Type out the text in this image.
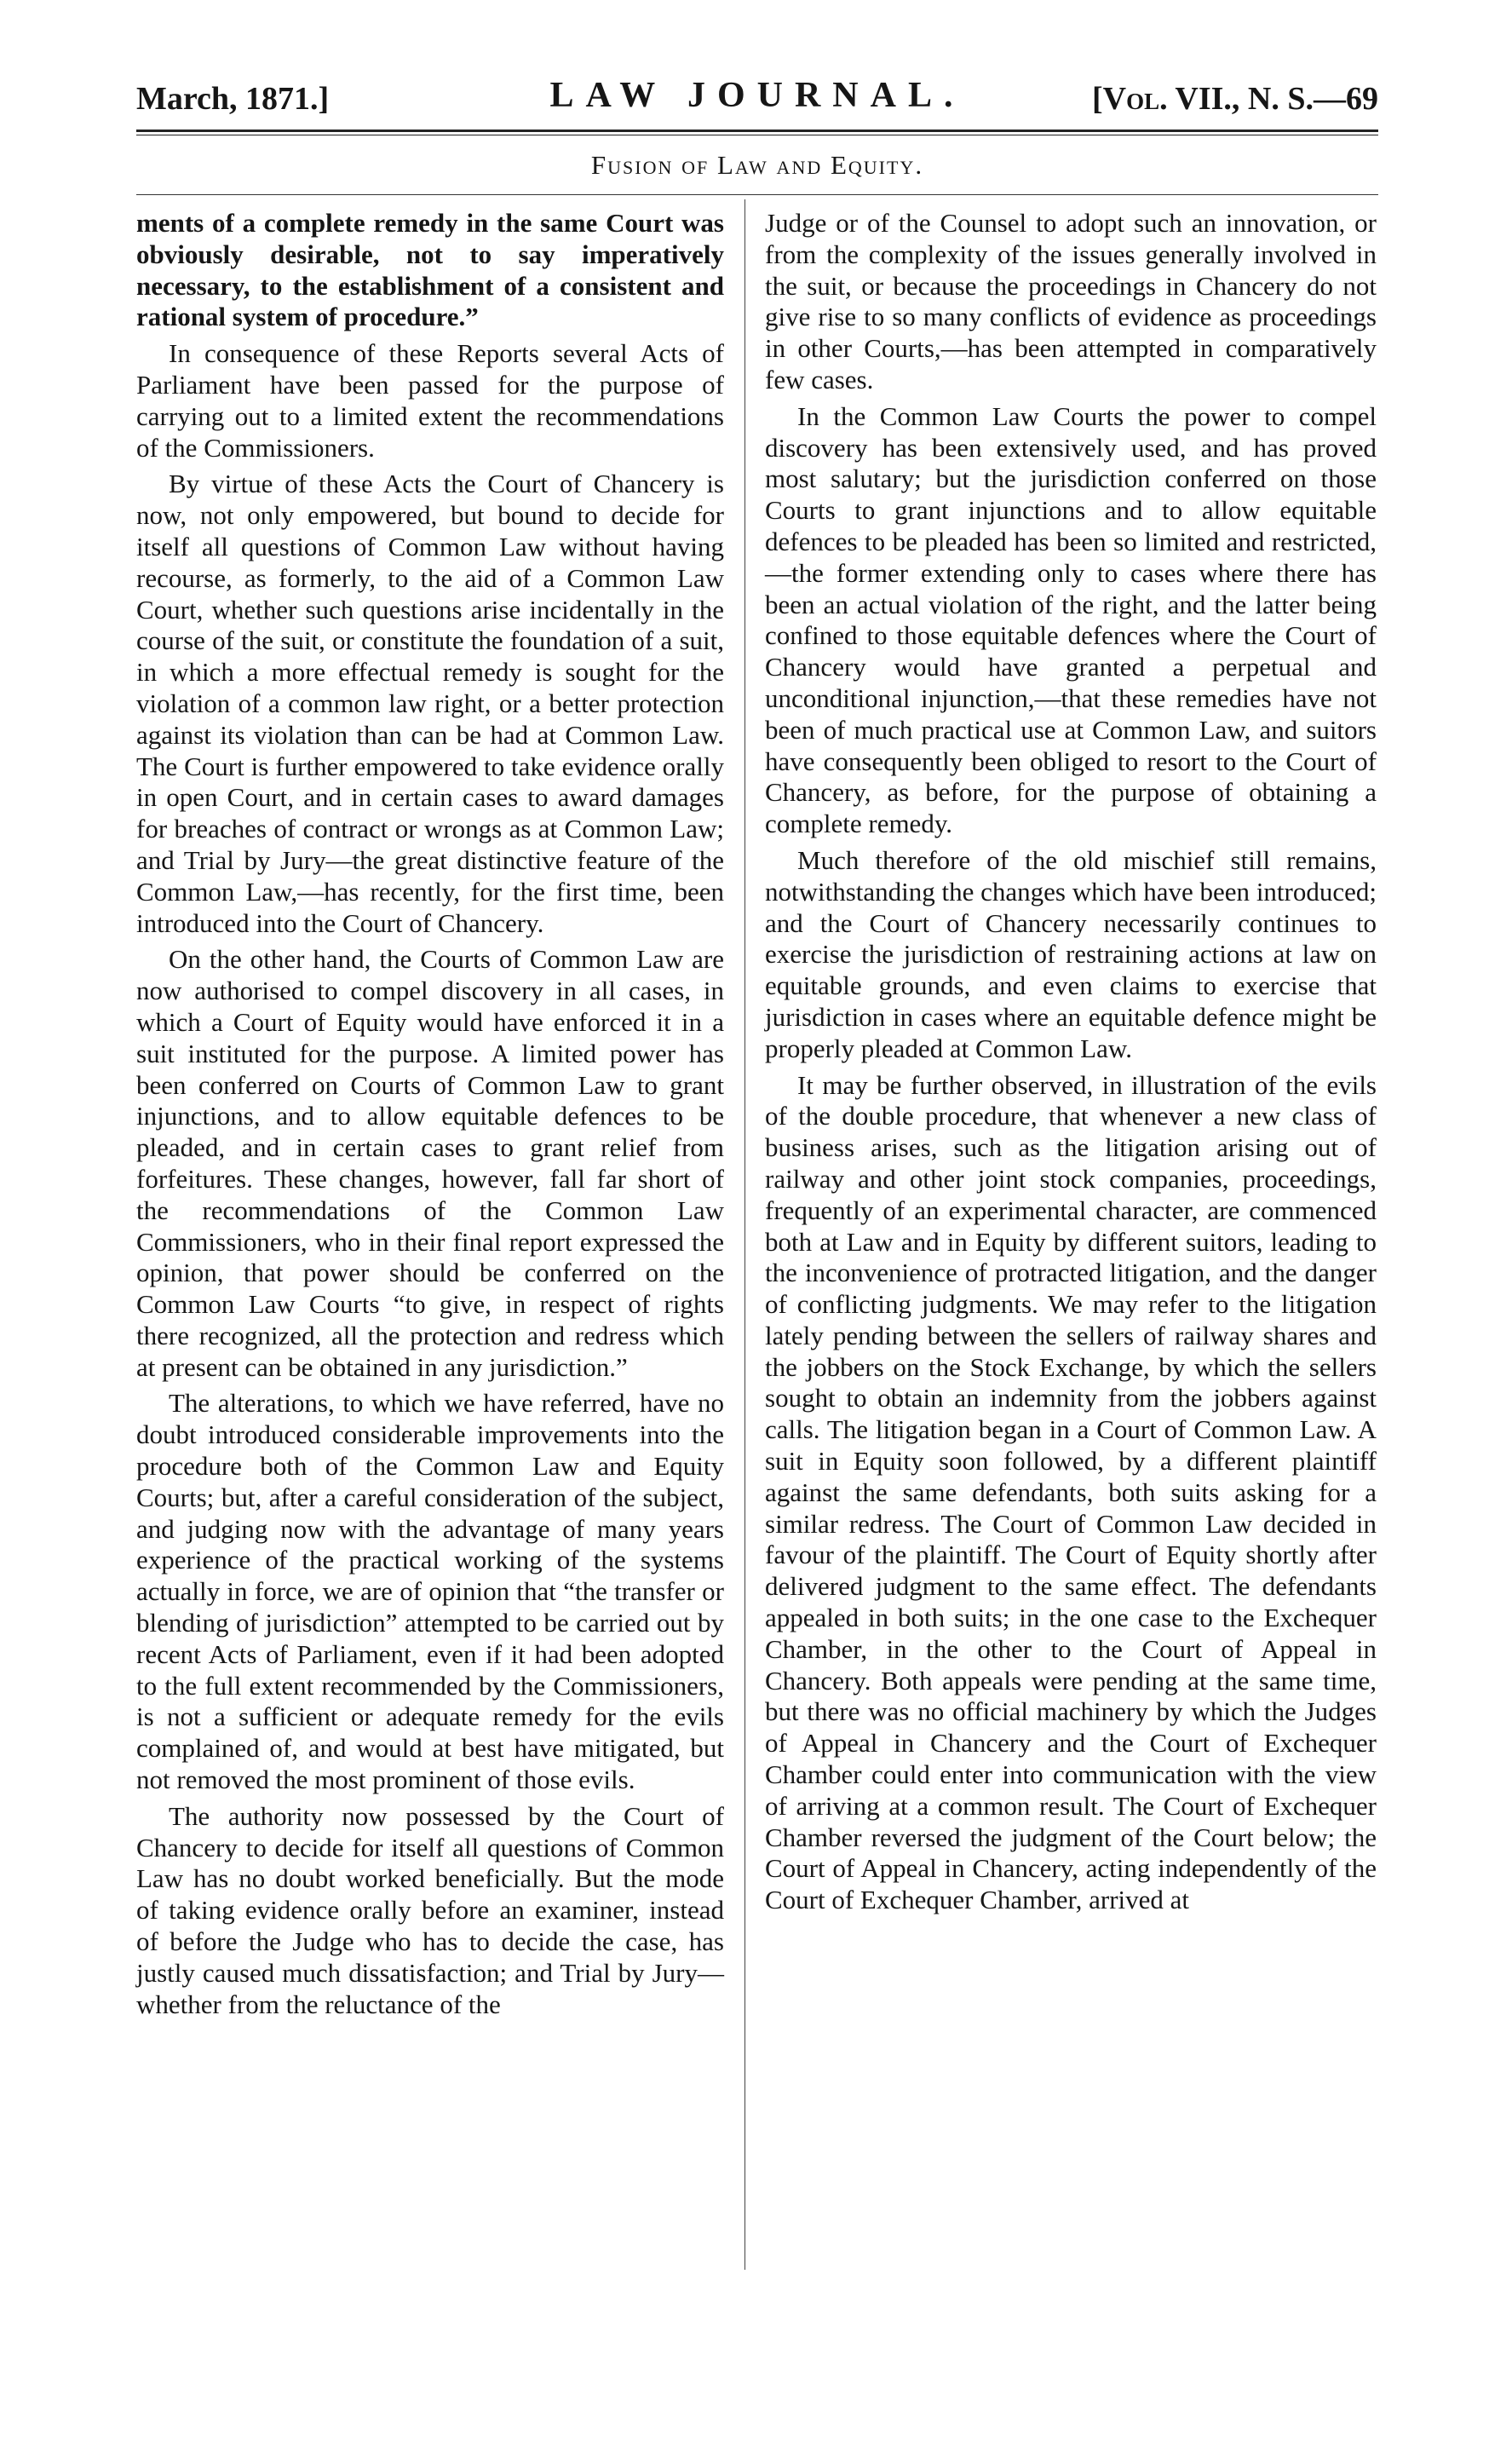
March, 1871.]	LAW JOURNAL.	[Vol. VII., N. S.—69
Fusion of Law and Equity.

ments of a complete remedy in the same Court was obviously desirable, not to say imperatively necessary, to the establishment of a consistent and rational system of procedure.”

In consequence of these Reports several Acts of Parliament have been passed for the purpose of carrying out to a limited extent the recommendations of the Commissioners.

By virtue of these Acts the Court of Chancery is now, not only empowered, but bound to decide for itself all questions of Common Law without having recourse, as formerly, to the aid of a Common Law Court, whether such questions arise incidentally in the course of the suit, or constitute the foundation of a suit, in which a more effectual remedy is sought for the violation of a common law right, or a better protection against its violation than can be had at Common Law. The Court is further empowered to take evidence orally in open Court, and in certain cases to award damages for breaches of contract or wrongs as at Common Law; and Trial by Jury—the great distinctive feature of the Common Law,—has recently, for the first time, been introduced into the Court of Chancery.

On the other hand, the Courts of Common Law are now authorised to compel discovery in all cases, in which a Court of Equity would have enforced it in a suit instituted for the purpose. A limited power has been conferred on Courts of Common Law to grant injunctions, and to allow equitable defences to be pleaded, and in certain cases to grant relief from forfeitures. These changes, however, fall far short of the recommendations of the Common Law Commissioners, who in their final report expressed the opinion, that power should be conferred on the Common Law Courts “to give, in respect of rights there recognized, all the protection and redress which at present can be obtained in any jurisdiction.”

The alterations, to which we have referred, have no doubt introduced considerable improvements into the procedure both of the Common Law and Equity Courts; but, after a careful consideration of the subject, and judging now with the advantage of many years experience of the practical working of the systems actually in force, we are of opinion that “the transfer or blending of jurisdiction” attempted to be carried out by recent Acts of Parliament, even if it had been adopted to the full extent recommended by the Commissioners, is not a sufficient or adequate remedy for the evils complained of, and would at best have mitigated, but not removed the most prominent of those evils.

The authority now possessed by the Court of Chancery to decide for itself all questions of Common Law has no doubt worked beneficially. But the mode of taking evidence orally before an examiner, instead of before the Judge who has to decide the case, has justly caused much dissatisfaction; and Trial by Jury—whether from the reluctance of the

Judge or of the Counsel to adopt such an innovation, or from the complexity of the issues generally involved in the suit, or because the proceedings in Chancery do not give rise to so many conflicts of evidence as proceedings in other Courts,—has been attempted in comparatively few cases.

In the Common Law Courts the power to compel discovery has been extensively used, and has proved most salutary; but the jurisdiction conferred on those Courts to grant injunctions and to allow equitable defences to be pleaded has been so limited and restricted, —the former extending only to cases where there has been an actual violation of the right, and the latter being confined to those equitable defences where the Court of Chancery would have granted a perpetual and unconditional injunction,—that these remedies have not been of much practical use at Common Law, and suitors have consequently been obliged to resort to the Court of Chancery, as before, for the purpose of obtaining a complete remedy.

Much therefore of the old mischief still remains, notwithstanding the changes which have been introduced; and the Court of Chancery necessarily continues to exercise the jurisdiction of restraining actions at law on equitable grounds, and even claims to exercise that jurisdiction in cases where an equitable defence might be properly pleaded at Common Law.

It may be further observed, in illustration of the evils of the double procedure, that whenever a new class of business arises, such as the litigation arising out of railway and other joint stock companies, proceedings, frequently of an experimental character, are commenced both at Law and in Equity by different suitors, leading to the inconvenience of protracted litigation, and the danger of conflicting judgments. We may refer to the litigation lately pending between the sellers of railway shares and the jobbers on the Stock Exchange, by which the sellers sought to obtain an indemnity from the jobbers against calls. The litigation began in a Court of Common Law. A suit in Equity soon followed, by a different plaintiff against the same defendants, both suits asking for a similar redress. The Court of Common Law decided in favour of the plaintiff. The Court of Equity shortly after delivered judgment to the same effect. The defendants appealed in both suits; in the one case to the Exchequer Chamber, in the other to the Court of Appeal in Chancery. Both appeals were pending at the same time, but there was no official machinery by which the Judges of Appeal in Chancery and the Court of Exchequer Chamber could enter into communication with the view of arriving at a common result. The Court of Exchequer Chamber reversed the judgment of the Court below; the Court of Appeal in Chancery, acting independently of the Court of Exchequer Chamber, arrived at
